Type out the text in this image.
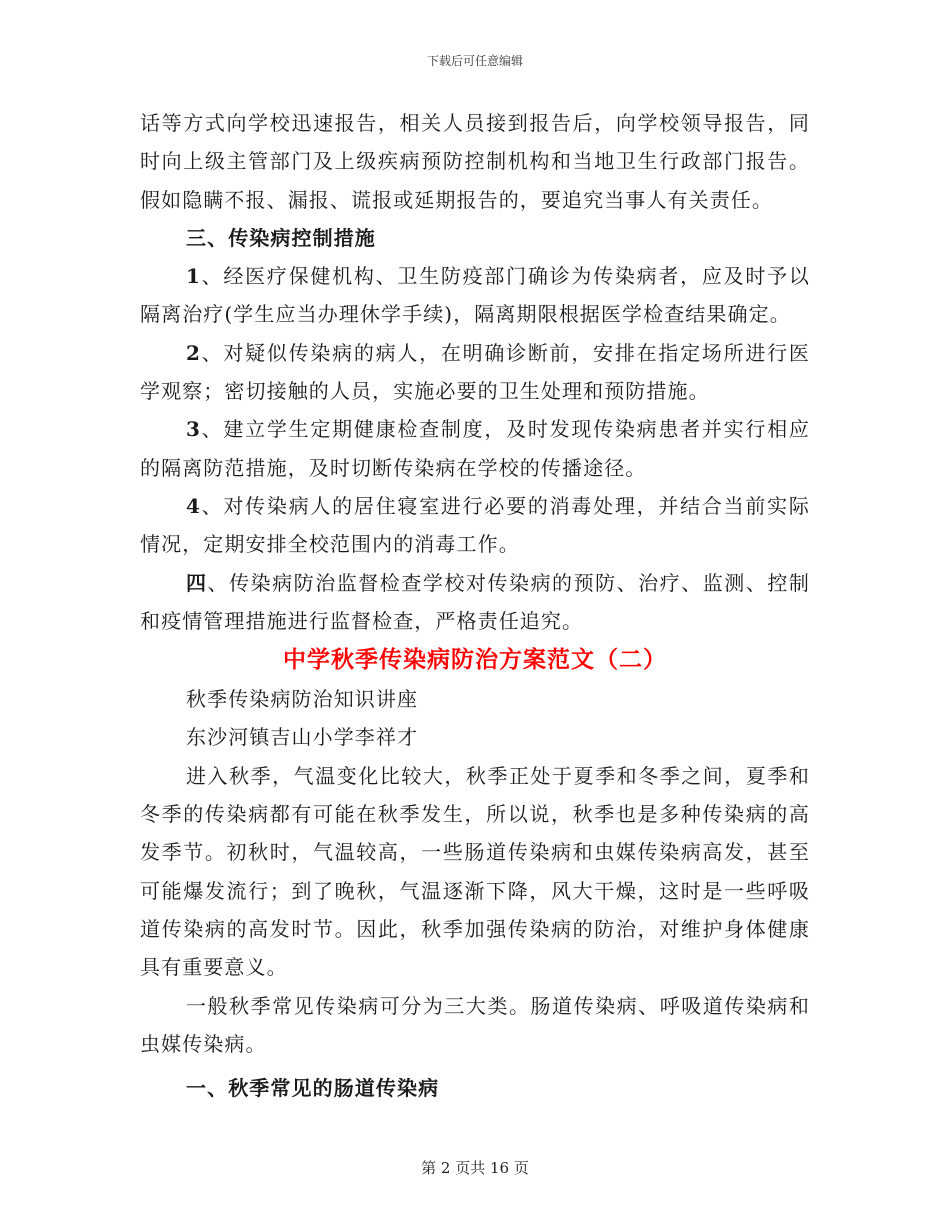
下载后可任意编辑

话等方式向学校迅速报告，相关人员接到报告后，向学校领导报告，同时向上级主管部门及上级疾病预防控制机构和当地卫生行政部门报告。假如隐瞒不报、漏报、谎报或延期报告的，要追究当事人有关责任。

三、传染病控制措施

1、经医疗保健机构、卫生防疫部门确诊为传染病者，应及时予以隔离治疗(学生应当办理休学手续)，隔离期限根据医学检查结果确定。

2、对疑似传染病的病人，在明确诊断前，安排在指定场所进行医学观察；密切接触的人员，实施必要的卫生处理和预防措施。

3、建立学生定期健康检查制度，及时发现传染病患者并实行相应的隔离防范措施，及时切断传染病在学校的传播途径。

4、对传染病人的居住寝室进行必要的消毒处理，并结合当前实际情况，定期安排全校范围内的消毒工作。

四、传染病防治监督检查学校对传染病的预防、治疗、监测、控制和疫情管理措施进行监督检查，严格责任追究。

中学秋季传染病防治方案范文（二）

秋季传染病防治知识讲座

东沙河镇吉山小学李祥才

进入秋季，气温变化比较大，秋季正处于夏季和冬季之间，夏季和冬季的传染病都有可能在秋季发生，所以说，秋季也是多种传染病的高发季节。初秋时，气温较高，一些肠道传染病和虫媒传染病高发，甚至可能爆发流行；到了晚秋，气温逐渐下降，风大干燥，这时是一些呼吸道传染病的高发时节。因此，秋季加强传染病的防治，对维护身体健康具有重要意义。

一般秋季常见传染病可分为三大类。肠道传染病、呼吸道传染病和虫媒传染病。

一、秋季常见的肠道传染病

第 2 页共 16 页
